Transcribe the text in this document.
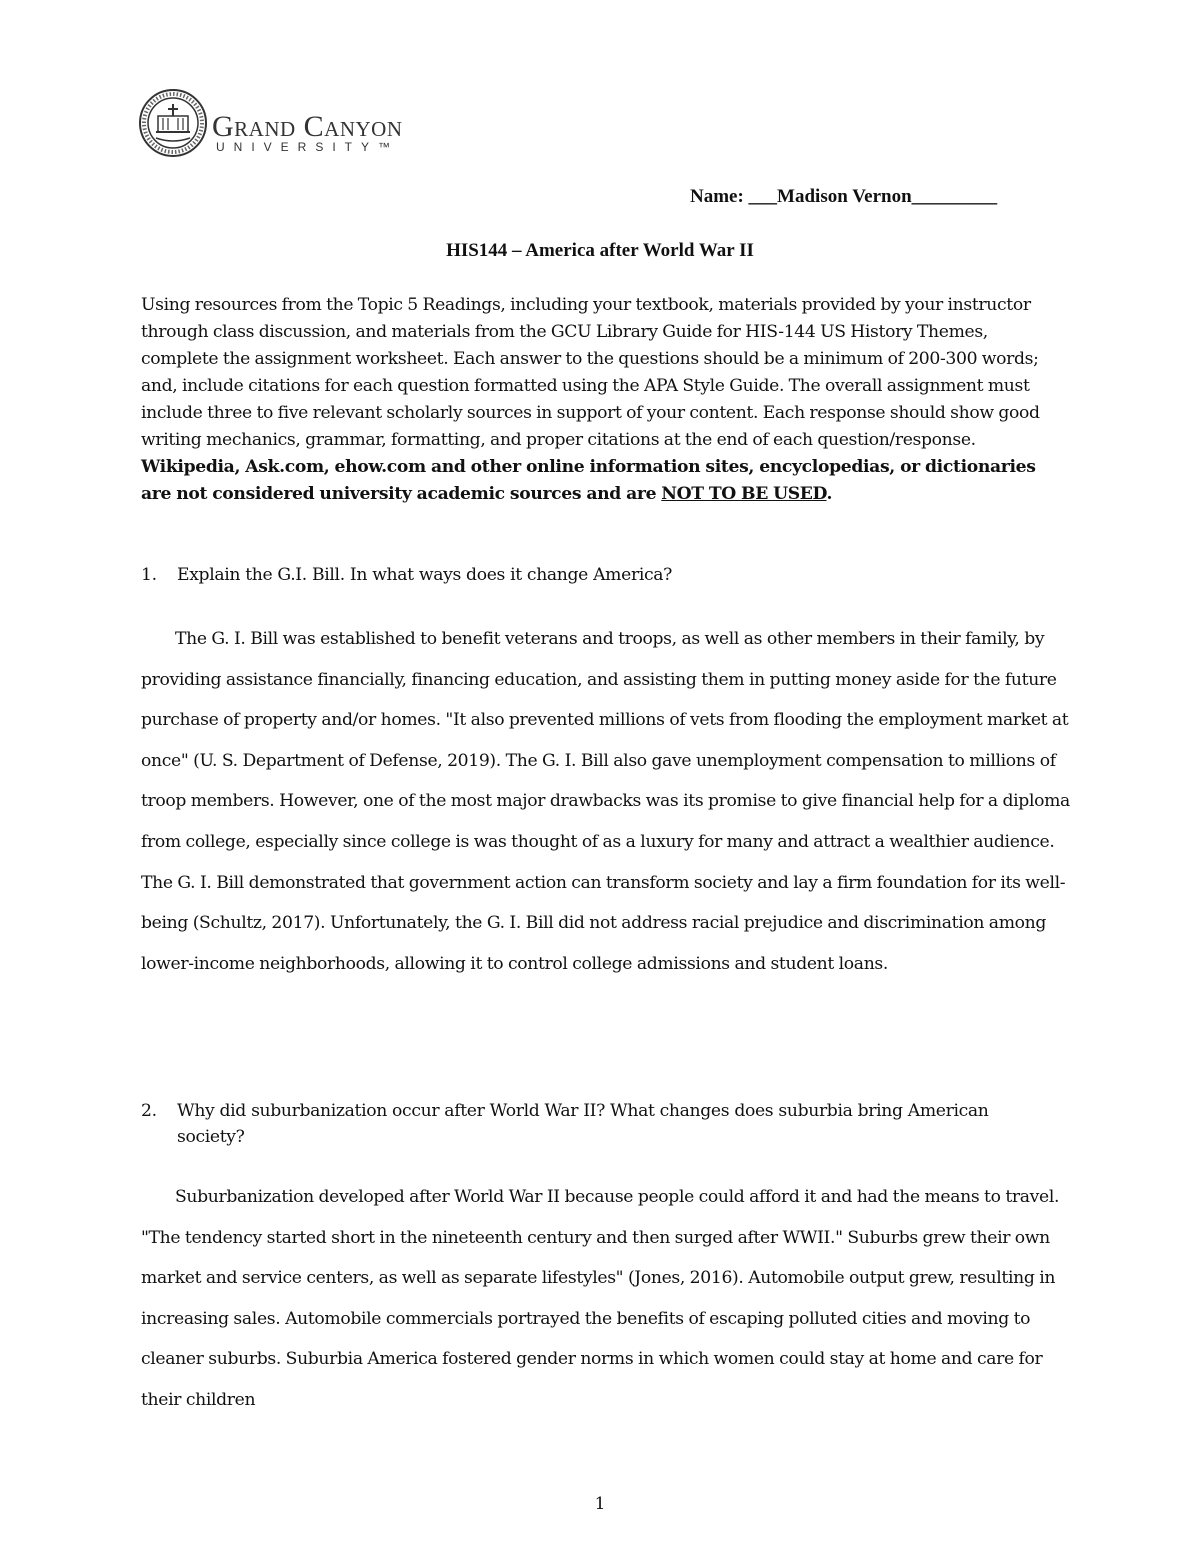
Grand Canyon
UNIVERSITY™
Name: ___Madison Vernon_________
HIS144 – America after World War II
Using resources from the Topic 5 Readings, including your textbook, materials provided by your instructor through class discussion, and materials from the GCU Library Guide for HIS-144 US History Themes, complete the assignment worksheet. Each answer to the questions should be a minimum of 200-300 words; and, include citations for each question formatted using the APA Style Guide. The overall assignment must include three to five relevant scholarly sources in support of your content. Each response should show good writing mechanics, grammar, formatting, and proper citations at the end of each question/response. Wikipedia, Ask.com, ehow.com and other online information sites, encyclopedias, or dictionaries are not considered university academic sources and are NOT TO BE USED.
1. Explain the G.I. Bill. In what ways does it change America?
The G. I. Bill was established to benefit veterans and troops, as well as other members in their family, by providing assistance financially, financing education, and assisting them in putting money aside for the future purchase of property and/or homes. "It also prevented millions of vets from flooding the employment market at once" (U. S. Department of Defense, 2019). The G. I. Bill also gave unemployment compensation to millions of troop members. However, one of the most major drawbacks was its promise to give financial help for a diploma from college, especially since college is was thought of as a luxury for many and attract a wealthier audience. The G. I. Bill demonstrated that government action can transform society and lay a firm foundation for its well-being (Schultz, 2017). Unfortunately, the G. I. Bill did not address racial prejudice and discrimination among lower-income neighborhoods, allowing it to control college admissions and student loans.
2. Why did suburbanization occur after World War II? What changes does suburbia bring American society?
Suburbanization developed after World War II because people could afford it and had the means to travel. "The tendency started short in the nineteenth century and then surged after WWII." Suburbs grew their own market and service centers, as well as separate lifestyles" (Jones, 2016). Automobile output grew, resulting in increasing sales. Automobile commercials portrayed the benefits of escaping polluted cities and moving to cleaner suburbs. Suburbia America fostered gender norms in which women could stay at home and care for their children
1
